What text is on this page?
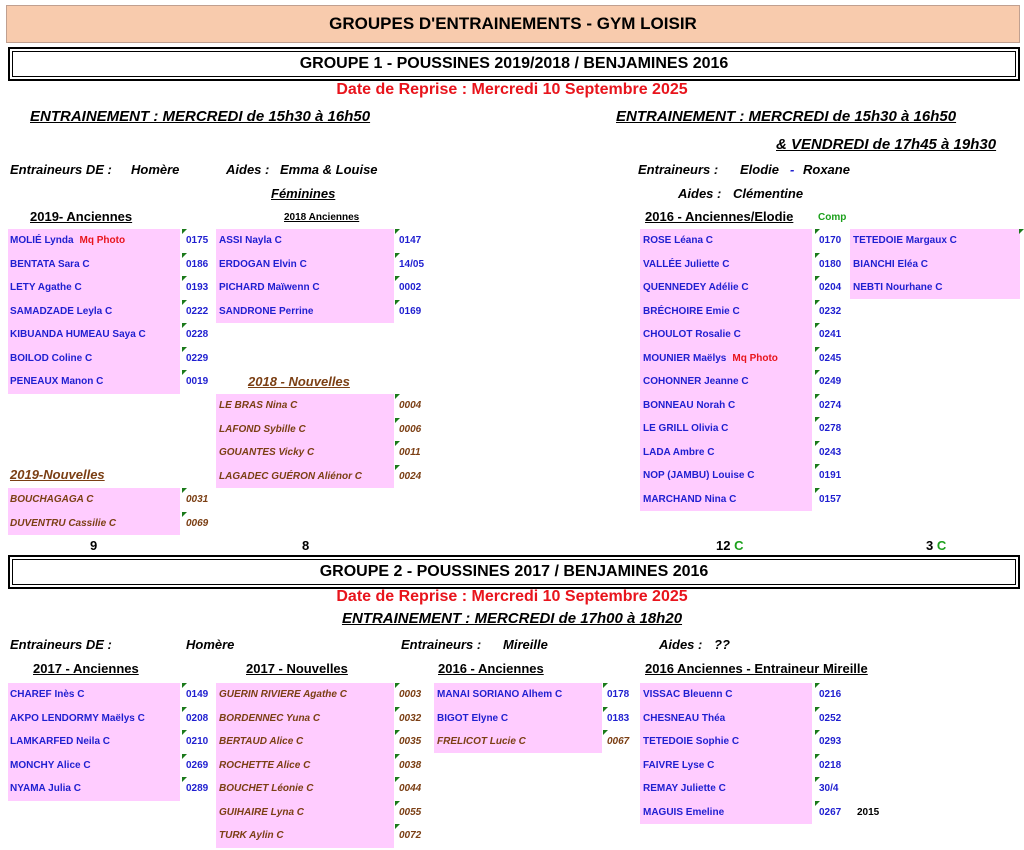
GROUPES D'ENTRAINEMENTS - GYM LOISIR
GROUPE 1 - POUSSINES 2019/2018 / BENJAMINES 2016
Date de Reprise : Mercredi 10 Septembre 2025
ENTRAINEMENT : MERCREDI de 15h30 à 16h50	ENTRAINEMENT : MERCREDI de 15h30 à 16h50
& VENDREDI de 17h45 à 19h30
Entraineurs DE : Homère	Aides : Emma & Louise
Féminines
Entraineurs : Elodie - Roxane
Aides : Clémentine
2019- Anciennes	2018 Anciennes	2016 - Anciennes/Elodie Comp
2018 - Nouvelles
2019-Nouvelles
MOLIÉ Lynda Mq Photo	0175
BENTATA Sara C	0186
LETY Agathe C	0193
SAMADZADE Leyla C	0222
KIBUANDA HUMEAU Saya C	0228
BOILOD Coline C	0229
PENEAUX Manon C	0019
ASSI Nayla C	0147
ERDOGAN Elvin C	14/05
PICHARD Maïwenn C	0002
SANDRONE Perrine	0169
LE BRAS Nina C	0004
LAFOND Sybille C	0006
GOUANTES Vicky C	0011
LAGADEC GUÉRON Aliénor C	0024
BOUCHAGAGA C	0031
DUVENTRU Cassilie C	0069
ROSE Léana C	0170
VALLÉE Juliette C	0180
QUENNEDEY Adélie C	0204
BRÉCHOIRE Emie C	0232
CHOULOT Rosalie C	0241
MOUNIER Maëlys Mq Photo	0245
COHONNER Jeanne C	0249
BONNEAU Norah C	0274
LE GRILL Olivia C	0278
LADA Ambre C	0243
NOP (JAMBU) Louise C	0191
MARCHAND Nina C	0157
TETEDOIE Margaux C
BIANCHI Eléa C
NEBTI Nourhane C
9	8	12 C	3 C
GROUPE 2 - POUSSINES 2017 / BENJAMINES 2016
Date de Reprise : Mercredi 10 Septembre 2025
ENTRAINEMENT : MERCREDI de 17h00 à 18h20
Entraineurs DE :	Homère	Entraineurs : Mireille	Aides : ??
2017 - Anciennes	2017 - Nouvelles	2016 - Anciennes	2016 Anciennes - Entraineur Mireille
CHAREF Inès C	0149
AKPO LENDORMY Maëlys C	0208
LAMKARFED Neila C	0210
MONCHY Alice C	0269
NYAMA Julia C	0289
GUERIN RIVIERE Agathe C	0003
BORDENNEC Yuna C	0032
BERTAUD Alice C	0035
ROCHETTE Alice C	0038
BOUCHET Léonie C	0044
GUIHAIRE Lyna C	0055
TURK Aylin C	0072
MANAI SORIANO Alhem C	0178
BIGOT Elyne C	0183
FRELICOT Lucie C	0067
VISSAC Bleuenn C	0216
CHESNEAU Théa	0252
TETEDOIE Sophie C	0293
FAIVRE Lyse C	0218
REMAY Juliette C	30/4
MAGUIS Emeline	0267 2015
